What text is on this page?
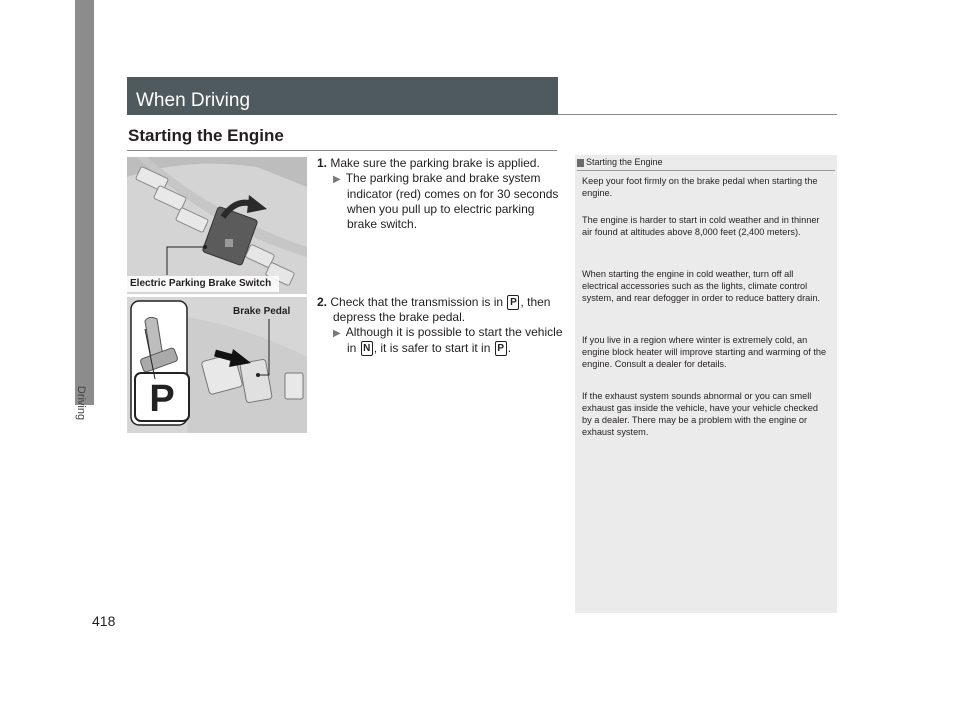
Driving
418
When Driving
Starting the Engine
Electric Parking Brake Switch
P
Brake Pedal
1. Make sure the parking brake is applied.
▶ The parking brake and brake system
indicator (red) comes on for 30 seconds
when you pull up to electric parking
brake switch.
2. Check that the transmission is in P , then
depress the brake pedal.
▶ Although it is possible to start the vehicle
in N , it is safer to start it in P .
Starting the Engine
Keep your foot firmly on the brake pedal when starting the engine.
The engine is harder to start in cold weather and in thinner air found at altitudes above 8,000 feet (2,400 meters).
When starting the engine in cold weather, turn off all electrical accessories such as the lights, climate control system, and rear defogger in order to reduce battery drain.
If you live in a region where winter is extremely cold, an engine block heater will improve starting and warming of the engine. Consult a dealer for details.
If the exhaust system sounds abnormal or you can smell exhaust gas inside the vehicle, have your vehicle checked by a dealer. There may be a problem with the engine or exhaust system.
